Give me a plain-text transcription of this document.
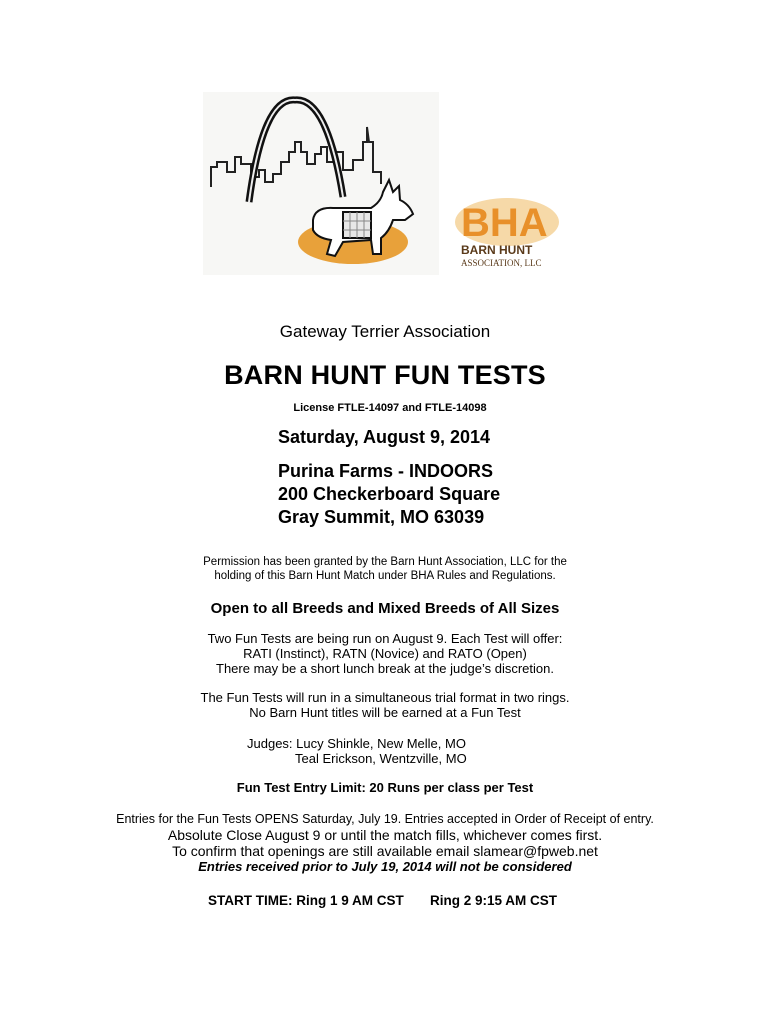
BHA
BARN HUNT
ASSOCIATION, LLC
Gateway Terrier Association
BARN HUNT FUN TESTS
License FTLE-14097 and FTLE-14098
Saturday, August 9, 2014
Purina Farms - INDOORS
200 Checkerboard Square
Gray Summit, MO 63039
Permission has been granted by the Barn Hunt Association, LLC for the
holding of this Barn Hunt Match under BHA Rules and Regulations.
Open to all Breeds and Mixed Breeds of All Sizes
Two Fun Tests are being run on August 9. Each Test will offer:
RATI (Instinct), RATN (Novice) and RATO (Open)
There may be a short lunch break at the judge’s discretion.
The Fun Tests will run in a simultaneous trial format in two rings.
No Barn Hunt titles will be earned at a Fun Test
Judges: Lucy Shinkle, New Melle, MO
Teal Erickson, Wentzville, MO
Fun Test Entry Limit: 20 Runs per class per Test
Entries for the Fun Tests OPENS Saturday, July 19. Entries accepted in Order of Receipt of entry.
Absolute Close August 9 or until the match fills, whichever comes first.
To confirm that openings are still available email slamear@fpweb.net
Entries received prior to July 19, 2014 will not be considered
START TIME: Ring 1 9 AM CST Ring 2 9:15 AM CST
